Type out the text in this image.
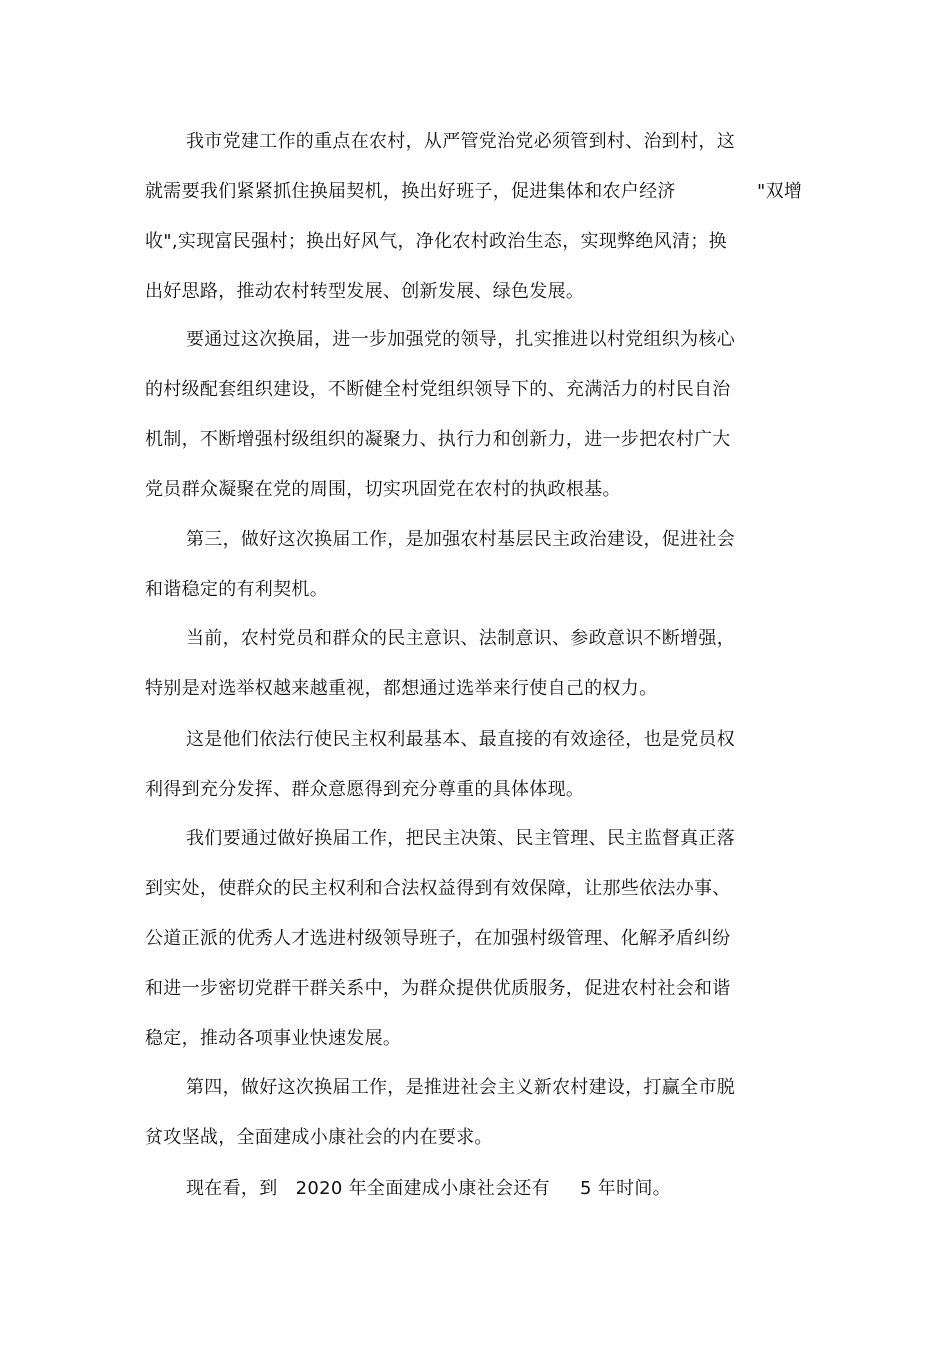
我市党建工作的重点在农村，从严管党治党必须管到村、治到村，这
就需要我们紧紧抓住换届契机，换出好班子，促进集体和农户经济	"双增
收",实现富民强村；换出好风气，净化农村政治生态，实现弊绝风清；换
出好思路，推动农村转型发展、创新发展、绿色发展。
要通过这次换届，进一步加强党的领导，扎实推进以村党组织为核心
的村级配套组织建设，不断健全村党组织领导下的、充满活力的村民自治
机制，不断增强村级组织的凝聚力、执行力和创新力，进一步把农村广大
党员群众凝聚在党的周围，切实巩固党在农村的执政根基。
第三，做好这次换届工作，是加强农村基层民主政治建设，促进社会
和谐稳定的有利契机。
当前，农村党员和群众的民主意识、法制意识、参政意识不断增强，
特别是对选举权越来越重视，都想通过选举来行使自己的权力。
这是他们依法行使民主权利最基本、最直接的有效途径，也是党员权
利得到充分发挥、群众意愿得到充分尊重的具体体现。
我们要通过做好换届工作，把民主决策、民主管理、民主监督真正落
到实处，使群众的民主权利和合法权益得到有效保障，让那些依法办事、
公道正派的优秀人才选进村级领导班子，在加强村级管理、化解矛盾纠纷
和进一步密切党群干群关系中，为群众提供优质服务，促进农村社会和谐
稳定，推动各项事业快速发展。
第四，做好这次换届工作，是推进社会主义新农村建设，打赢全市脱
贫攻坚战，全面建成小康社会的内在要求。
现在看，到   2020 年全面建成小康社会还有     5 年时间。
